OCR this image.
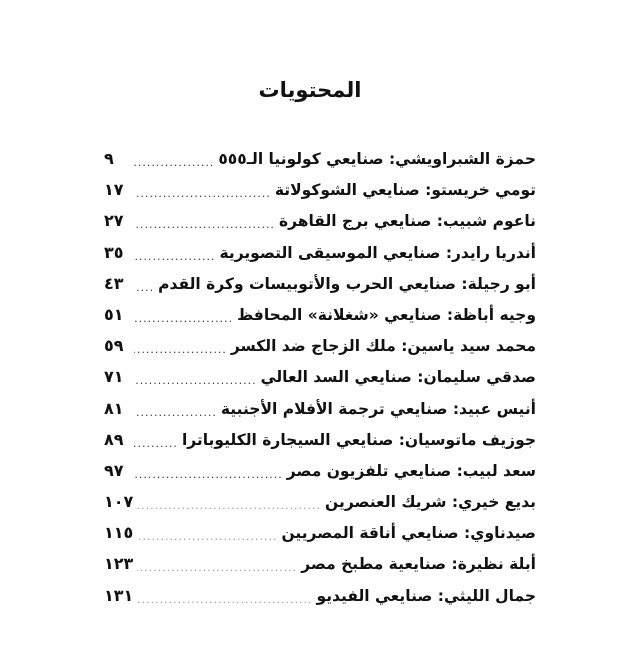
المحتويات
حمزة الشبراويشي: صنايعي كولونيا الـ٥٥٥
.....
٩
تومي خريستو: صنايعي الشوكولاتة
.....
١٧
ناعوم شبيب: صنايعي برج القاهرة
.....
٢٧
أندريا رايدر: صنايعي الموسيقى التصويرية
.....
٣٥
أبو رجيلة: صنايعي الحرب والأتوبيسات وكرة القدم
.....
٤٣
وجيه أباظة: صنايعي «شغلانة» المحافظ
.....
٥١
محمد سيد ياسين: ملك الزجاج ضد الكسر
.....
٥٩
صدقي سليمان: صنايعي السد العالي
.....
٧١
أنيس عبيد: صنايعي ترجمة الأفلام الأجنبية
.....
٨١
جوزيف ماتوسيان: صنايعي السيجارة الكليوباترا
.....
٨٩
سعد لبيب: صنايعي تلفزيون مصر
.....
٩٧
بديع خيري: شريك العنصرين
.....
١٠٧
صيدناوي: صنايعي أناقة المصريين
.....
١١٥
أبلة نظيرة: صنايعية مطبخ مصر
.....
١٢٣
جمال الليثي: صنايعي الفيديو
.....
١٣١
